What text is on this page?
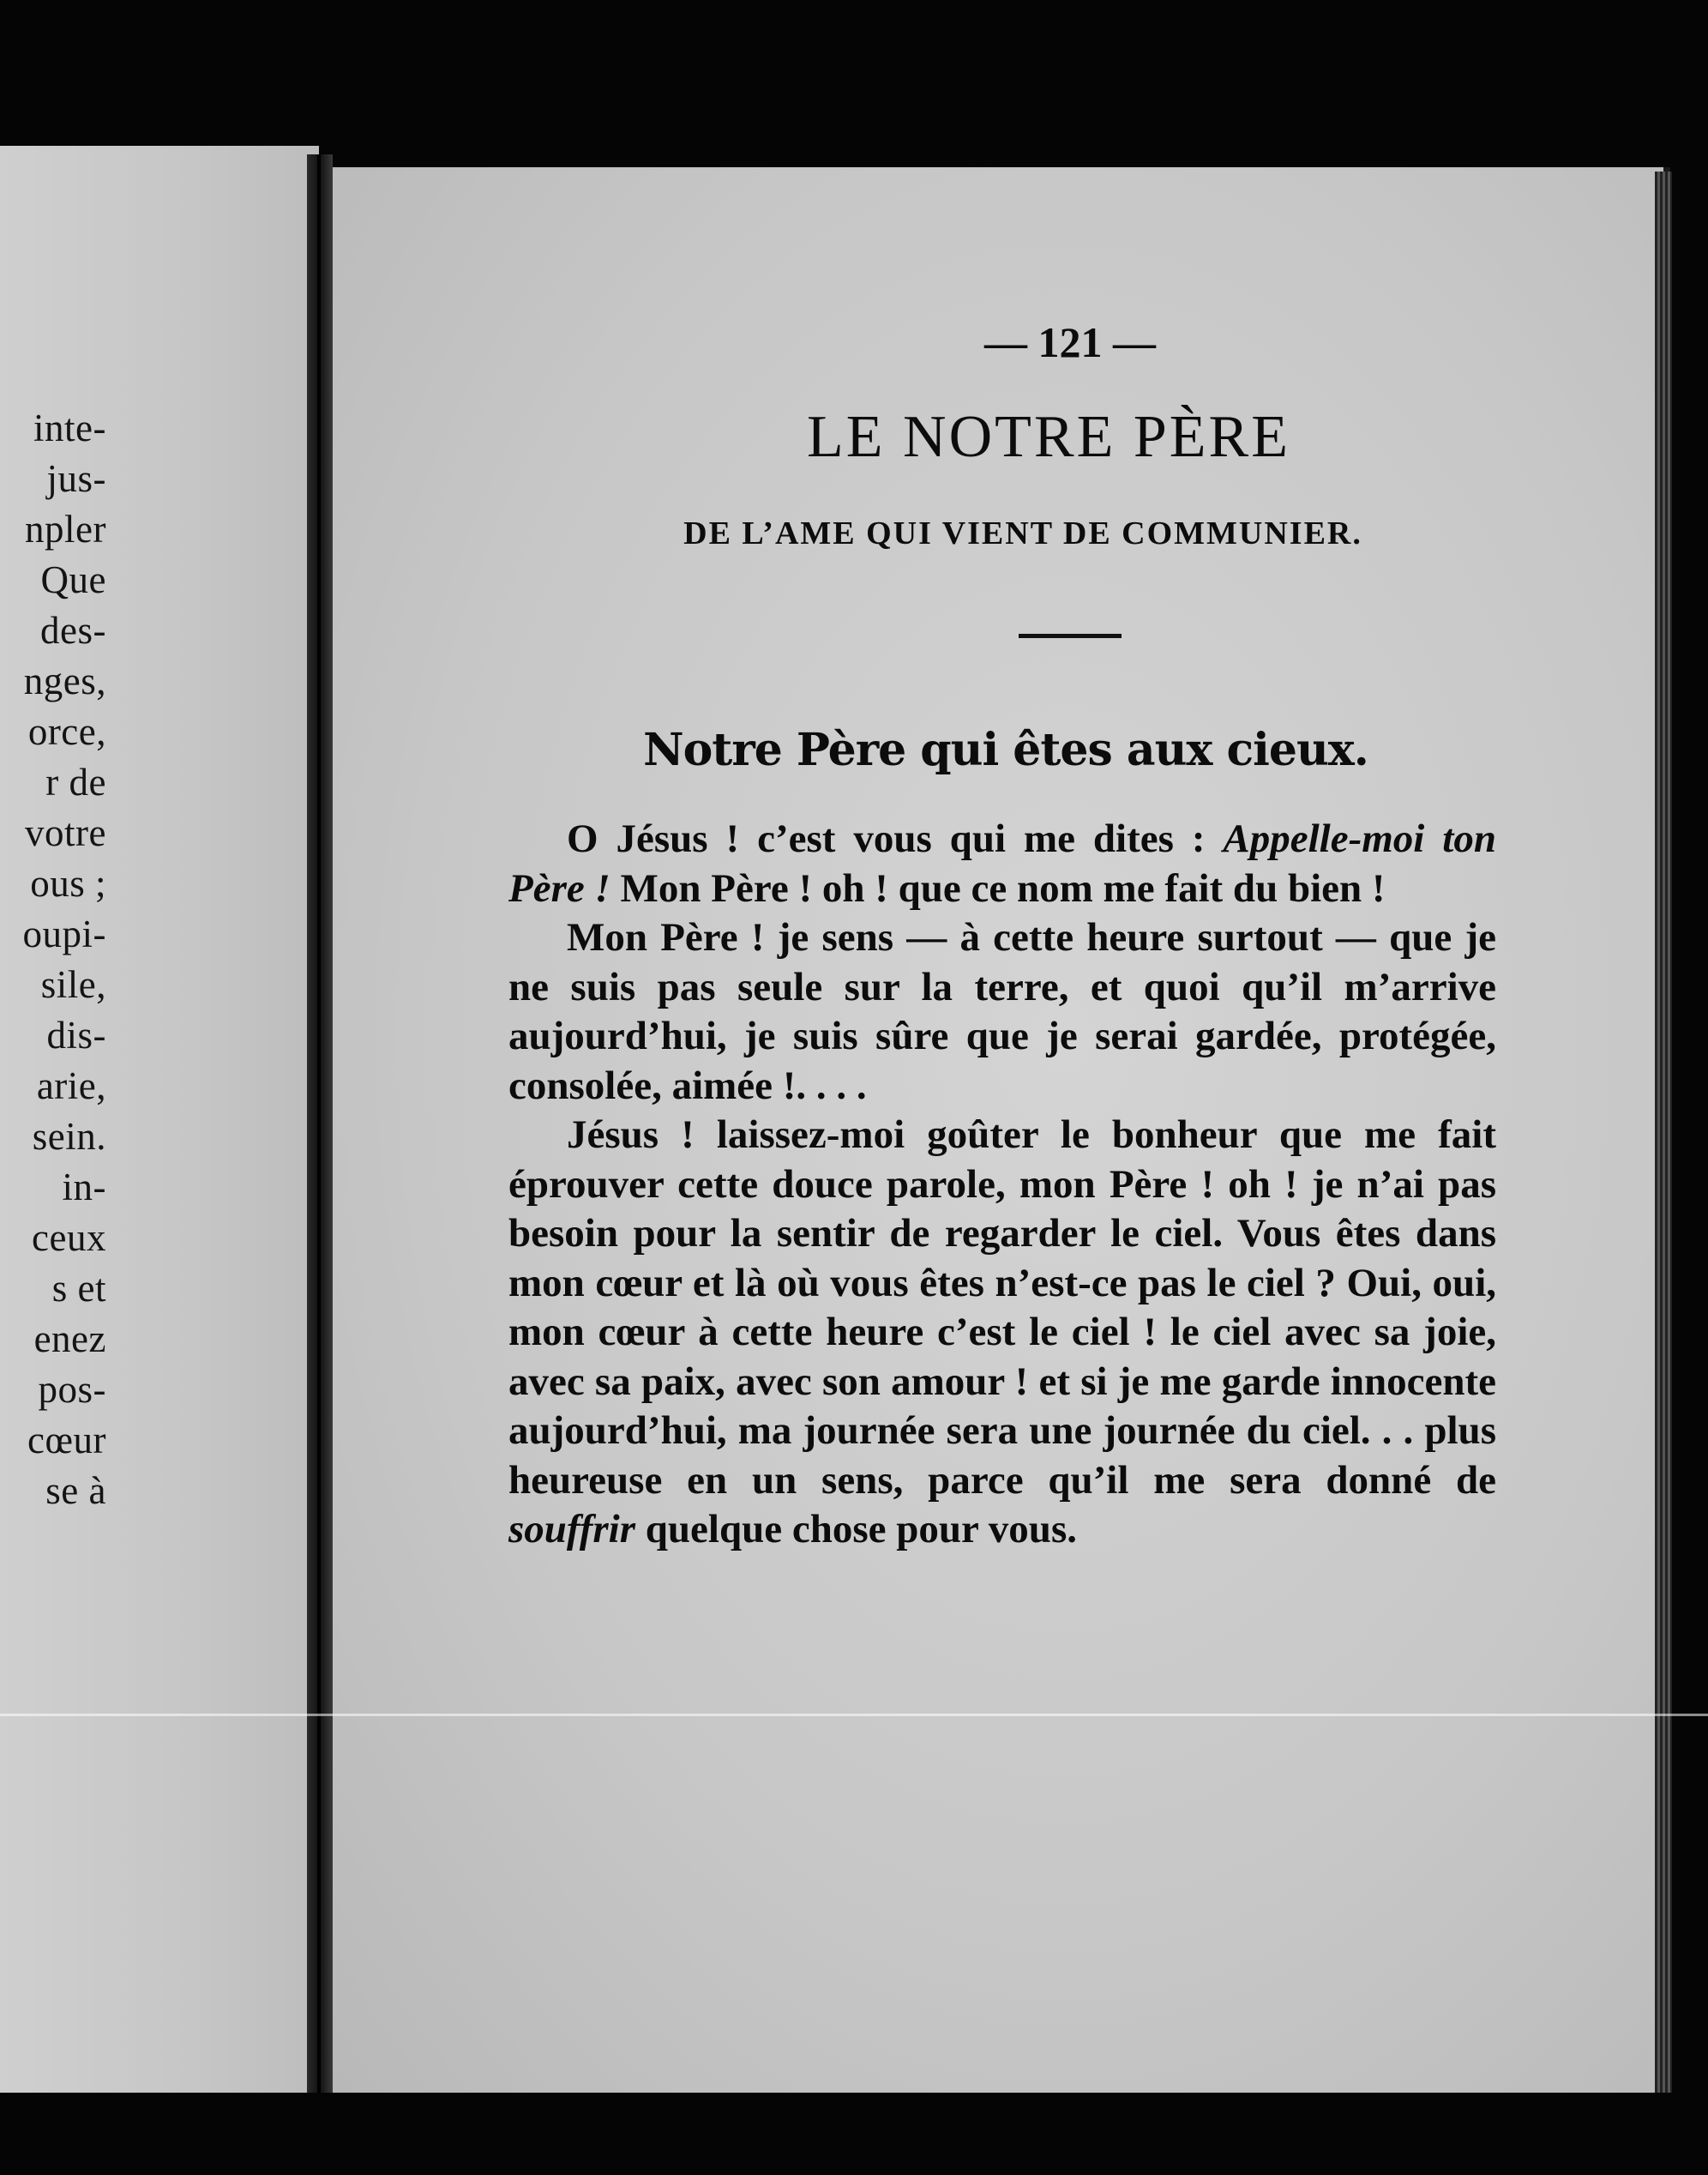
inte-
jus-
npler
Que
des-
nges,
orce,
r de
votre
ous ;
oupi-
sile,
dis-
arie,
sein.
in-
ceux
s et
enez
pos-
cœur
se à
— 121 —
LE NOTRE PÈRE
DE L’AME QUI VIENT DE COMMUNIER.
Notre Père qui êtes aux cieux.

O Jésus ! c’est vous qui me dites : Appelle-moi ton Père ! Mon Père ! oh ! que ce nom me fait du bien !

Mon Père ! je sens — à cette heure surtout — que je ne suis pas seule sur la terre, et quoi qu’il m’arrive aujourd’hui, je suis sûre que je serai gardée, protégée, consolée, aimée !. . . .

Jésus ! laissez-moi goûter le bonheur que me fait éprouver cette douce parole, mon Père ! oh ! je n’ai pas besoin pour la sentir de regarder le ciel. Vous êtes dans mon cœur et là où vous êtes n’est-ce pas le ciel ? Oui, oui, mon cœur à cette heure c’est le ciel ! le ciel avec sa joie, avec sa paix, avec son amour ! et si je me garde innocente aujourd’hui, ma journée sera une journée du ciel. . . plus heureuse en un sens, parce qu’il me sera donné de souffrir quelque chose pour vous.
